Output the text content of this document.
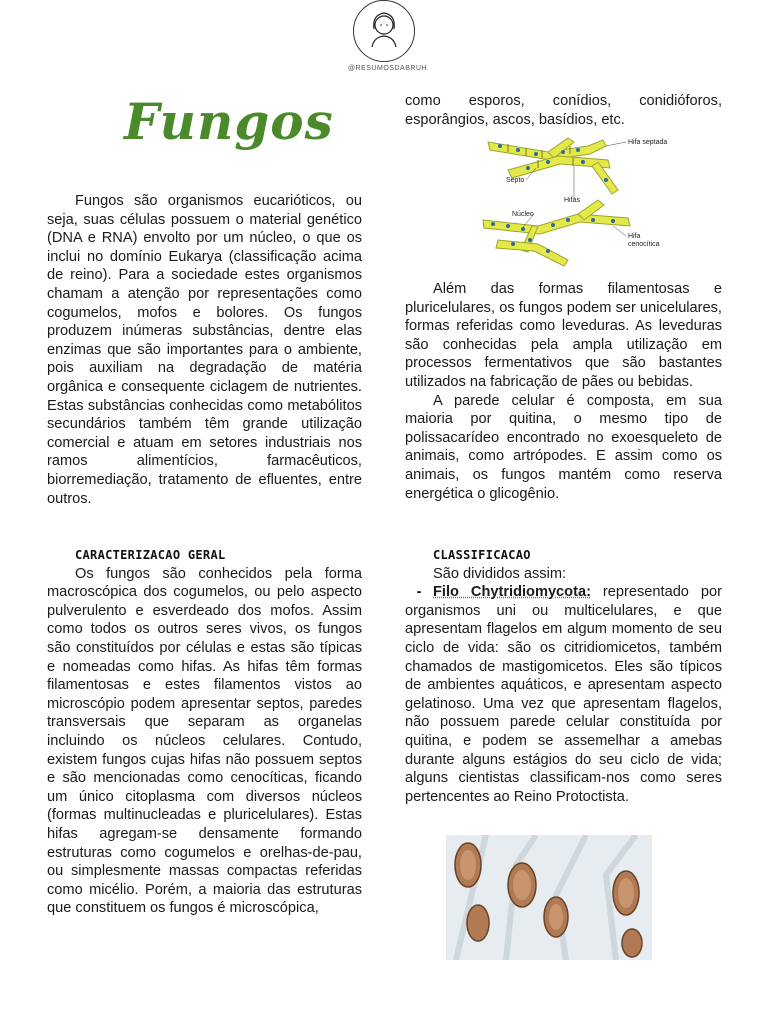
@RESUMOSDABRUH
Fungos

Fungos são organismos eucarióticos, ou seja, suas células possuem o material genético (DNA e RNA) envolto por um núcleo, o que os inclui no domínio Eukarya (classificação acima de reino). Para a sociedade estes organismos chamam a atenção por representações como cogumelos, mofos e bolores. Os fungos produzem inúmeras substâncias, dentre elas enzimas que são importantes para o ambiente, pois auxiliam na degradação de matéria orgânica e consequente ciclagem de nutrientes. Estas substâncias conhecidas como metabólitos secundários também têm grande utilização comercial e atuam em setores industriais nos ramos alimentícios, farmacêuticos, biorremediação, tratamento de efluentes, entre outros.

CARACTERIZACAO GERAL

Os fungos são conhecidos pela forma macroscópica dos cogumelos, ou pelo aspecto pulverulento e esverdeado dos mofos. Assim como todos os outros seres vivos, os fungos são constituídos por células e estas são típicas e nomeadas como hifas. As hifas têm formas filamentosas e estes filamentos vistos ao microscópio podem apresentar septos, paredes transversais que separam as organelas incluindo os núcleos celulares. Contudo, existem fungos cujas hifas não possuem septos e são mencionadas como cenocíticas, ficando um único citoplasma com diversos núcleos (formas multinucleadas e pluricelulares). Estas hifas agregam-se densamente formando estruturas como cogumelos e orelhas-de-pau, ou simplesmente massas compactas referidas como micélio. Porém, a maioria das estruturas que constituem os fungos é microscópica,

como esporos, conídios, conidióforos, esporângios, ascos, basídios, etc.

Hifa septada
Septo
Hifas
Núcleo
Hifa
cenocítica

Além das formas filamentosas e pluricelulares, os fungos podem ser unicelulares, formas referidas como leveduras. As leveduras são conhecidas pela ampla utilização em processos fermentativos que são bastantes utilizados na fabricação de pães ou bebidas.

A parede celular é composta, em sua maioria por quitina, o mesmo tipo de polissacarídeo encontrado no exoesqueleto de animais, como artrópodes. E assim como os animais, os fungos mantém como reserva energética o glicogênio.

CLASSIFICACAO

São divididos assim:

- Filo Chytridiomycota: representado por organismos uni ou multicelulares, e que apresentam flagelos em algum momento de seu ciclo de vida: são os citridiomicetos, também chamados de mastigomicetos. Eles são típicos de ambientes aquáticos, e apresentam aspecto gelatinoso. Uma vez que apresentam flagelos, não possuem parede celular constituída por quitina, e podem se assemelhar a amebas durante alguns estágios do seu ciclo de vida; alguns cientistas classificam-nos como seres pertencentes ao Reino Protoctista.
